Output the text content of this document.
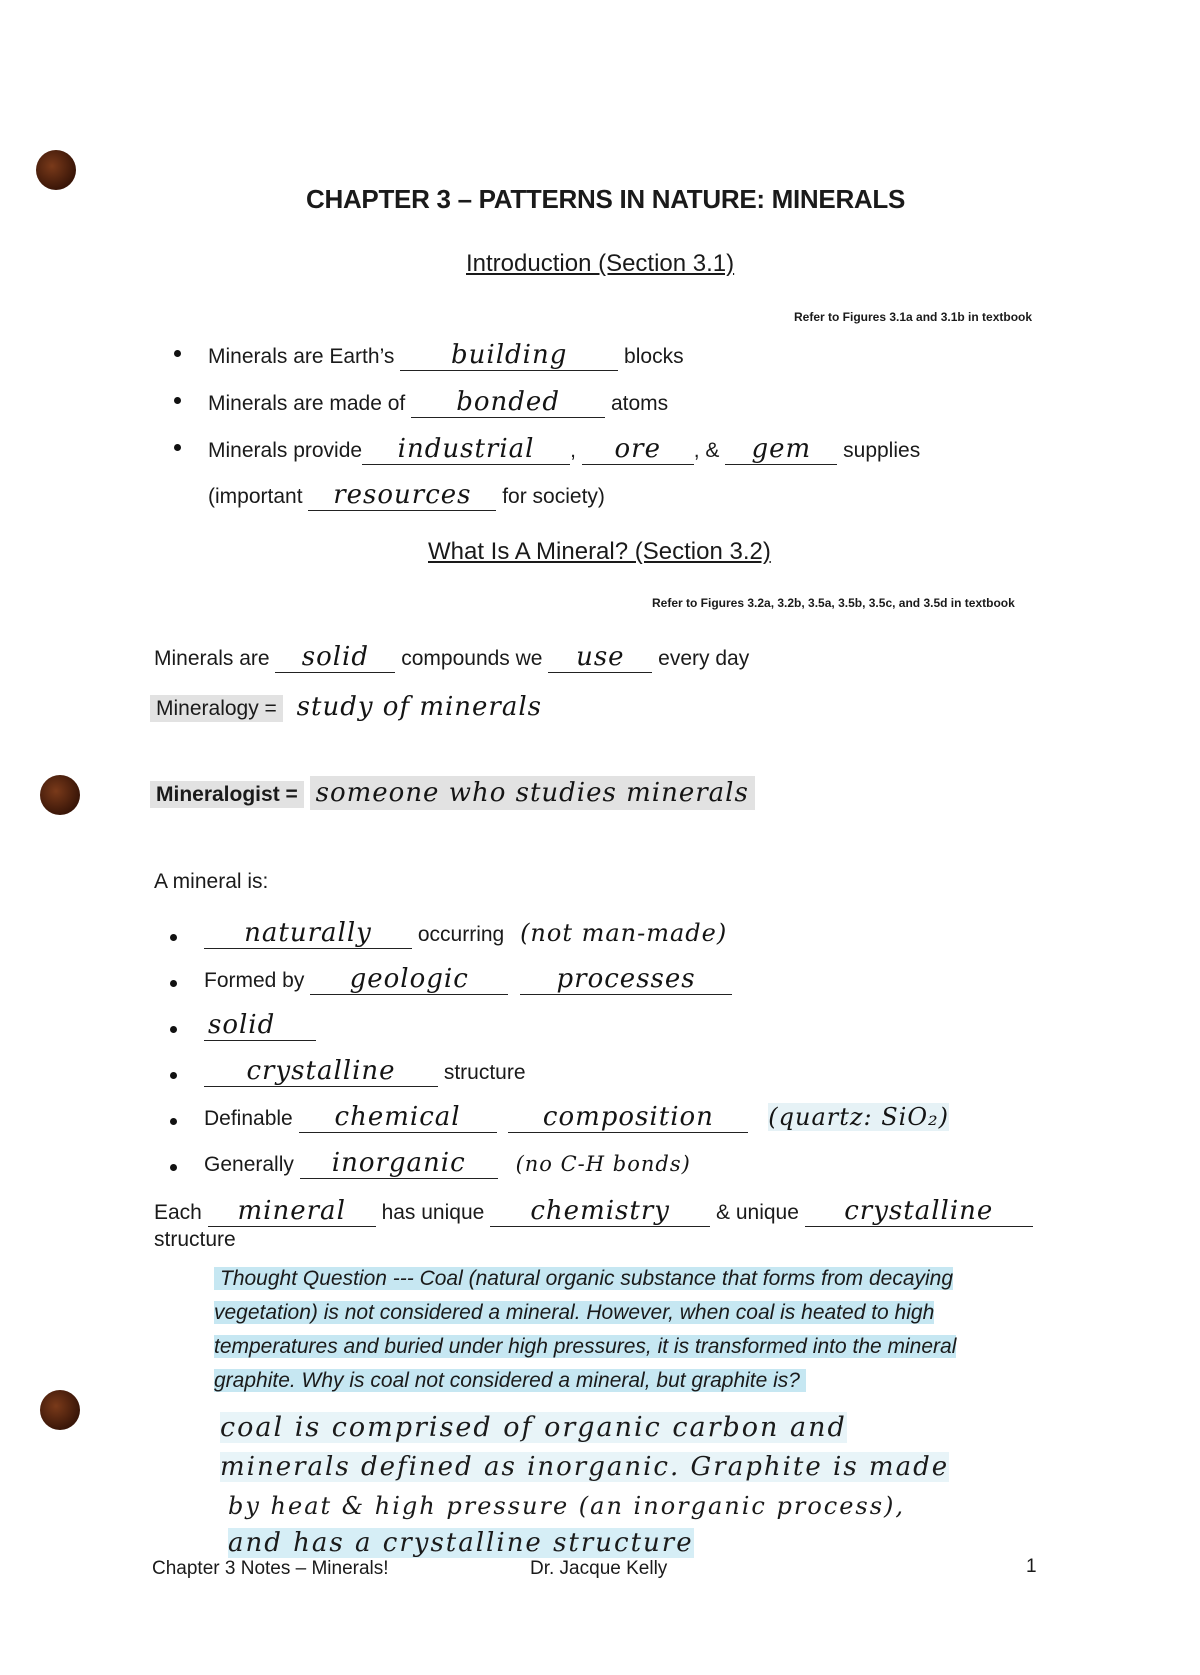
CHAPTER 3 – PATTERNS IN NATURE: MINERALS
Introduction (Section 3.1)
Refer to Figures 3.1a and 3.1b in textbook
Minerals are Earth’s building	blocks
Minerals are made of bonded atoms
Minerals provide industrial , ore , & gem supplies
(important resources for society)
What Is A Mineral? (Section 3.2)
Refer to Figures 3.2a, 3.2b, 3.5a, 3.5b, 3.5c, and 3.5d in textbook
Minerals are solid compounds we use every day
Mineralogy = study of minerals
Mineralogist = someone who studies minerals
A mineral is:
naturally occurring (not man-made)
Formed by geologic	processes
solid
crystalline structure
Definable chemical	composition (quartz: SiO₂)
Generally inorganic (no C-H bonds)
Each mineral has unique chemistry & unique crystalline
structure
Thought Question --- Coal (natural organic substance that forms from decaying vegetation) is not considered a mineral. However, when coal is heated to high temperatures and buried under high pressures, it is transformed into the mineral graphite. Why is coal not considered a mineral, but graphite is?
coal is comprised of organic carbon and
minerals defined as inorganic. Graphite is made
by heat & high pressure (an inorganic process),
and has a crystalline structure
Chapter 3 Notes – Minerals!	Dr. Jacque Kelly	1
